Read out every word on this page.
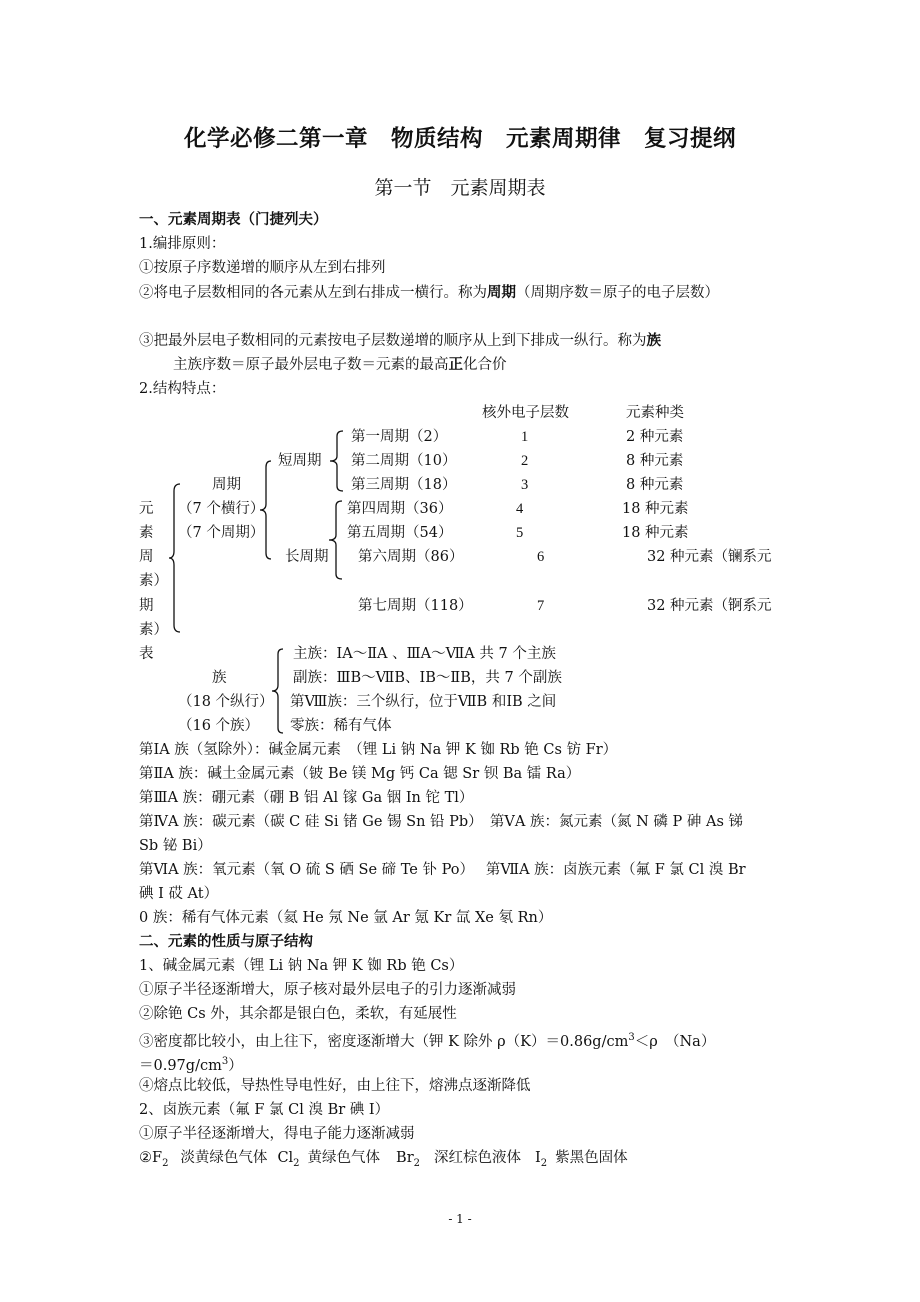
化学必修二第一章　物质结构　元素周期律　复习提纲
第一节　元素周期表
一、元素周期表（门捷列夫）
1.编排原则：
①按原子序数递增的顺序从左到右排列
②将电子层数相同的各元素从左到右排成一横行。称为周期（周期序数＝原子的电子层数）
③把最外层电子数相同的元素按电子层数递增的顺序从上到下排成一纵行。称为族
主族序数＝原子最外层电子数＝元素的最高正化合价
2.结构特点：
核外电子层数	元素种类
元
素
周
素）
期
素）
表
周期
（7 个横行）
（7 个周期）
短周期
长周期
第一周期（2）	1	2 种元素
第二周期（10）	2	8 种元素
第三周期（18）	3	8 种元素
第四周期（36）	4	18 种元素
第五周期（54）	5	18 种元素
第六周期（86）	6	32 种元素（镧系元
第七周期（118）	7	32 种元素（锕系元
族
（18 个纵行）
（16 个族）
主族：ⅠA～ⅡA 、ⅢA～ⅦA 共 7 个主族
副族：ⅢB～ⅦB、ⅠB～ⅡB，共 7 个副族
第Ⅷ族：三个纵行，位于ⅦB 和ⅠB 之间
零族：稀有气体
第ⅠA 族（氢除外）：碱金属元素　（锂 Li 钠 Na 钾 K 铷 Rb 铯 Cs 钫 Fr）
第ⅡA 族：碱土金属元素（铍 Be 镁 Mg 钙 Ca 锶 Sr 钡 Ba 镭 Ra）
第ⅢA 族：硼元素（硼 B 铝 Al 镓 Ga 铟 In 铊 Tl）
第ⅣA 族：碳元素（碳 C 硅 Si 锗 Ge 锡 Sn 铅 Pb）　第ⅤA 族：氮元素（氮 N 磷 P 砷 As 锑
Sb 铋 Bi）
第ⅥA 族：氧元素（氧 O 硫 S 硒 Se 碲 Te 钋 Po）　 第ⅦA 族：卤族元素（氟 F 氯 Cl 溴 Br
碘 I 砹 At）
0 族：稀有气体元素（氦 He 氖 Ne 氩 Ar 氪 Kr 氙 Xe 氡 Rn）
二、元素的性质与原子结构
1、碱金属元素（锂 Li 钠 Na 钾 K 铷 Rb 铯 Cs）
①原子半径逐渐增大，原子核对最外层电子的引力逐渐减弱
②除铯 Cs 外，其余都是银白色，柔软，有延展性
③密度都比较小，由上往下，密度逐渐增大（钾 K 除外 $\rho(K)=0.86g/cm^3<\rho$　（Na）
$=0.97g/cm^3$）
④熔点比较低，导热性导电性好，由上往下，熔沸点逐渐降低
2、卤族元素（氟 F 氯 Cl 溴 Br 碘 I）
①原子半径逐渐增大，得电子能力逐渐减弱
$②F_2$ 淡黄绿色气体 $Cl_2$ 黄绿色气体 $Br_2$ 深红棕色液体 $I_2$ 紫黑色固体
- 1 -
